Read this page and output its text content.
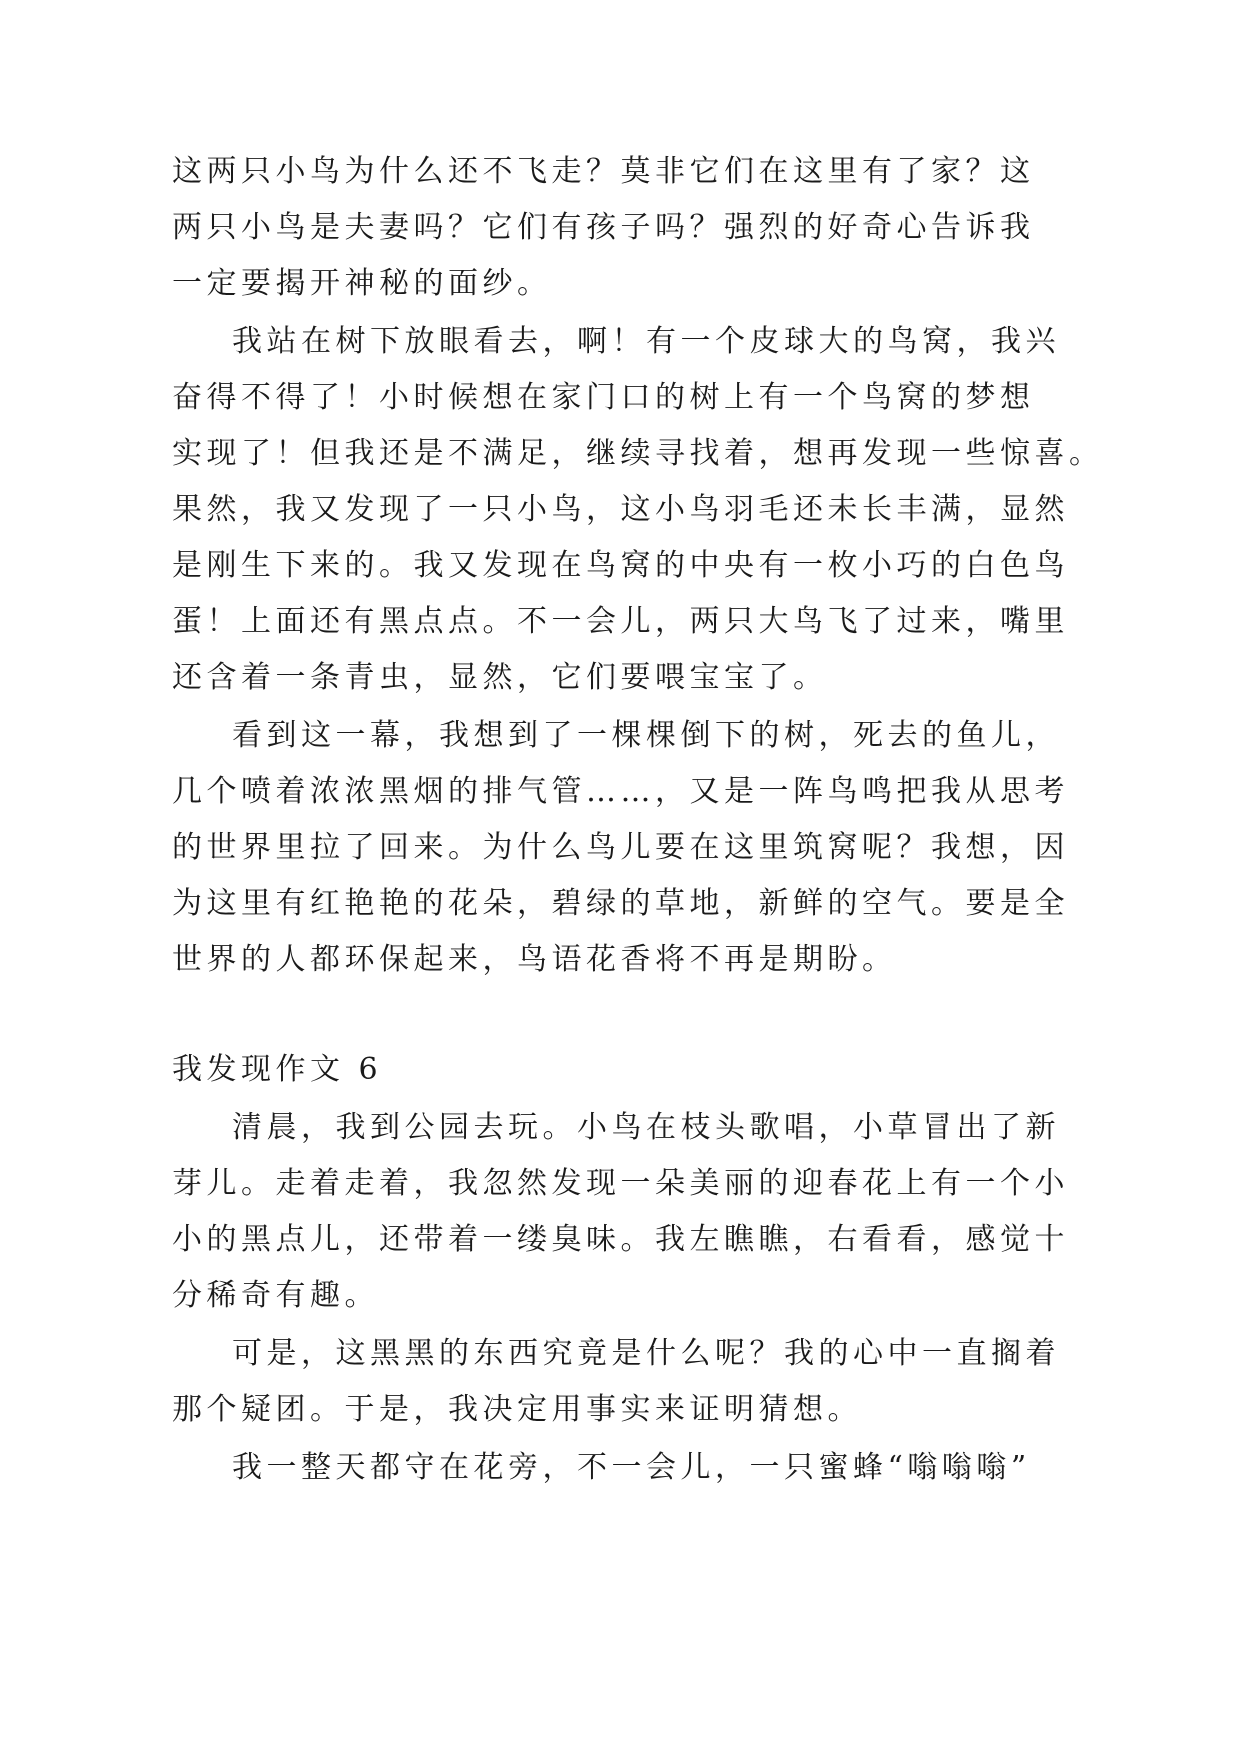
这两只小鸟为什么还不飞走？莫非它们在这里有了家？这
两只小鸟是夫妻吗？它们有孩子吗？强烈的好奇心告诉我
一定要揭开神秘的面纱。
我站在树下放眼看去，啊！有一个皮球大的鸟窝，我兴
奋得不得了！小时候想在家门口的树上有一个鸟窝的梦想
实现了！但我还是不满足，继续寻找着，想再发现一些惊喜。
果然，我又发现了一只小鸟，这小鸟羽毛还未长丰满，显然
是刚生下来的。我又发现在鸟窝的中央有一枚小巧的白色鸟
蛋！上面还有黑点点。不一会儿，两只大鸟飞了过来，嘴里
还含着一条青虫，显然，它们要喂宝宝了。
看到这一幕，我想到了一棵棵倒下的树，死去的鱼儿，
几个喷着浓浓黑烟的排气管……，又是一阵鸟鸣把我从思考
的世界里拉了回来。为什么鸟儿要在这里筑窝呢？我想，因
为这里有红艳艳的花朵，碧绿的草地，新鲜的空气。要是全
世界的人都环保起来，鸟语花香将不再是期盼。
我发现作文 6
清晨，我到公园去玩。小鸟在枝头歌唱，小草冒出了新
芽儿。走着走着，我忽然发现一朵美丽的迎春花上有一个小
小的黑点儿，还带着一缕臭味。我左瞧瞧，右看看，感觉十
分稀奇有趣。
可是，这黑黑的东西究竟是什么呢？我的心中一直搁着
那个疑团。于是，我决定用事实来证明猜想。
我一整天都守在花旁，不一会儿，一只蜜蜂“嗡嗡嗡”
